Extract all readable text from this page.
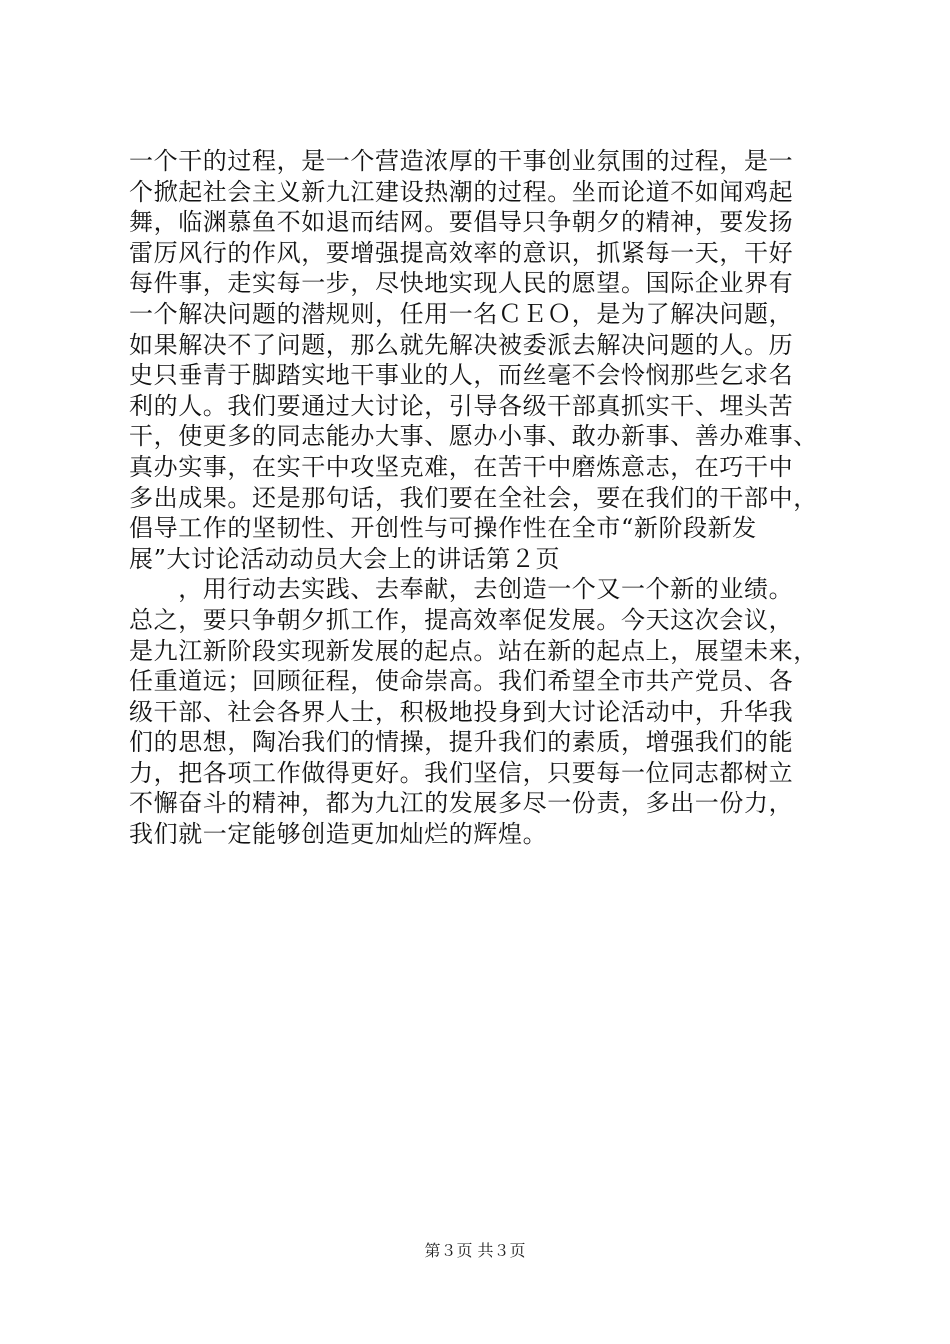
一个干的过程，是一个营造浓厚的干事创业氛围的过程，是一
个掀起社会主义新九江建设热潮的过程。坐而论道不如闻鸡起
舞，临渊慕鱼不如退而结网。要倡导只争朝夕的精神，要发扬
雷厉风行的作风，要增强提高效率的意识，抓紧每一天，干好
每件事，走实每一步，尽快地实现人民的愿望。国际企业界有
一个解决问题的潜规则，任用一名ＣＥＯ，是为了解决问题，
如果解决不了问题，那么就先解决被委派去解决问题的人。历
史只垂青于脚踏实地干事业的人，而丝毫不会怜悯那些乞求名
利的人。我们要通过大讨论，引导各级干部真抓实干、埋头苦
干，使更多的同志能办大事、愿办小事、敢办新事、善办难事、
真办实事，在实干中攻坚克难，在苦干中磨炼意志，在巧干中
多出成果。还是那句话，我们要在全社会，要在我们的干部中，
倡导工作的坚韧性、开创性与可操作性在全市“新阶段新发
展”大讨论活动动员大会上的讲话第２页
　　，用行动去实践、去奉献，去创造一个又一个新的业绩。
总之，要只争朝夕抓工作，提高效率促发展。今天这次会议，
是九江新阶段实现新发展的起点。站在新的起点上，展望未来，
任重道远；回顾征程，使命崇高。我们希望全市共产党员、各
级干部、社会各界人士，积极地投身到大讨论活动中，升华我
们的思想，陶冶我们的情操，提升我们的素质，增强我们的能
力，把各项工作做得更好。我们坚信，只要每一位同志都树立
不懈奋斗的精神，都为九江的发展多尽一份责，多出一份力，
我们就一定能够创造更加灿烂的辉煌。
第３页 共３页
